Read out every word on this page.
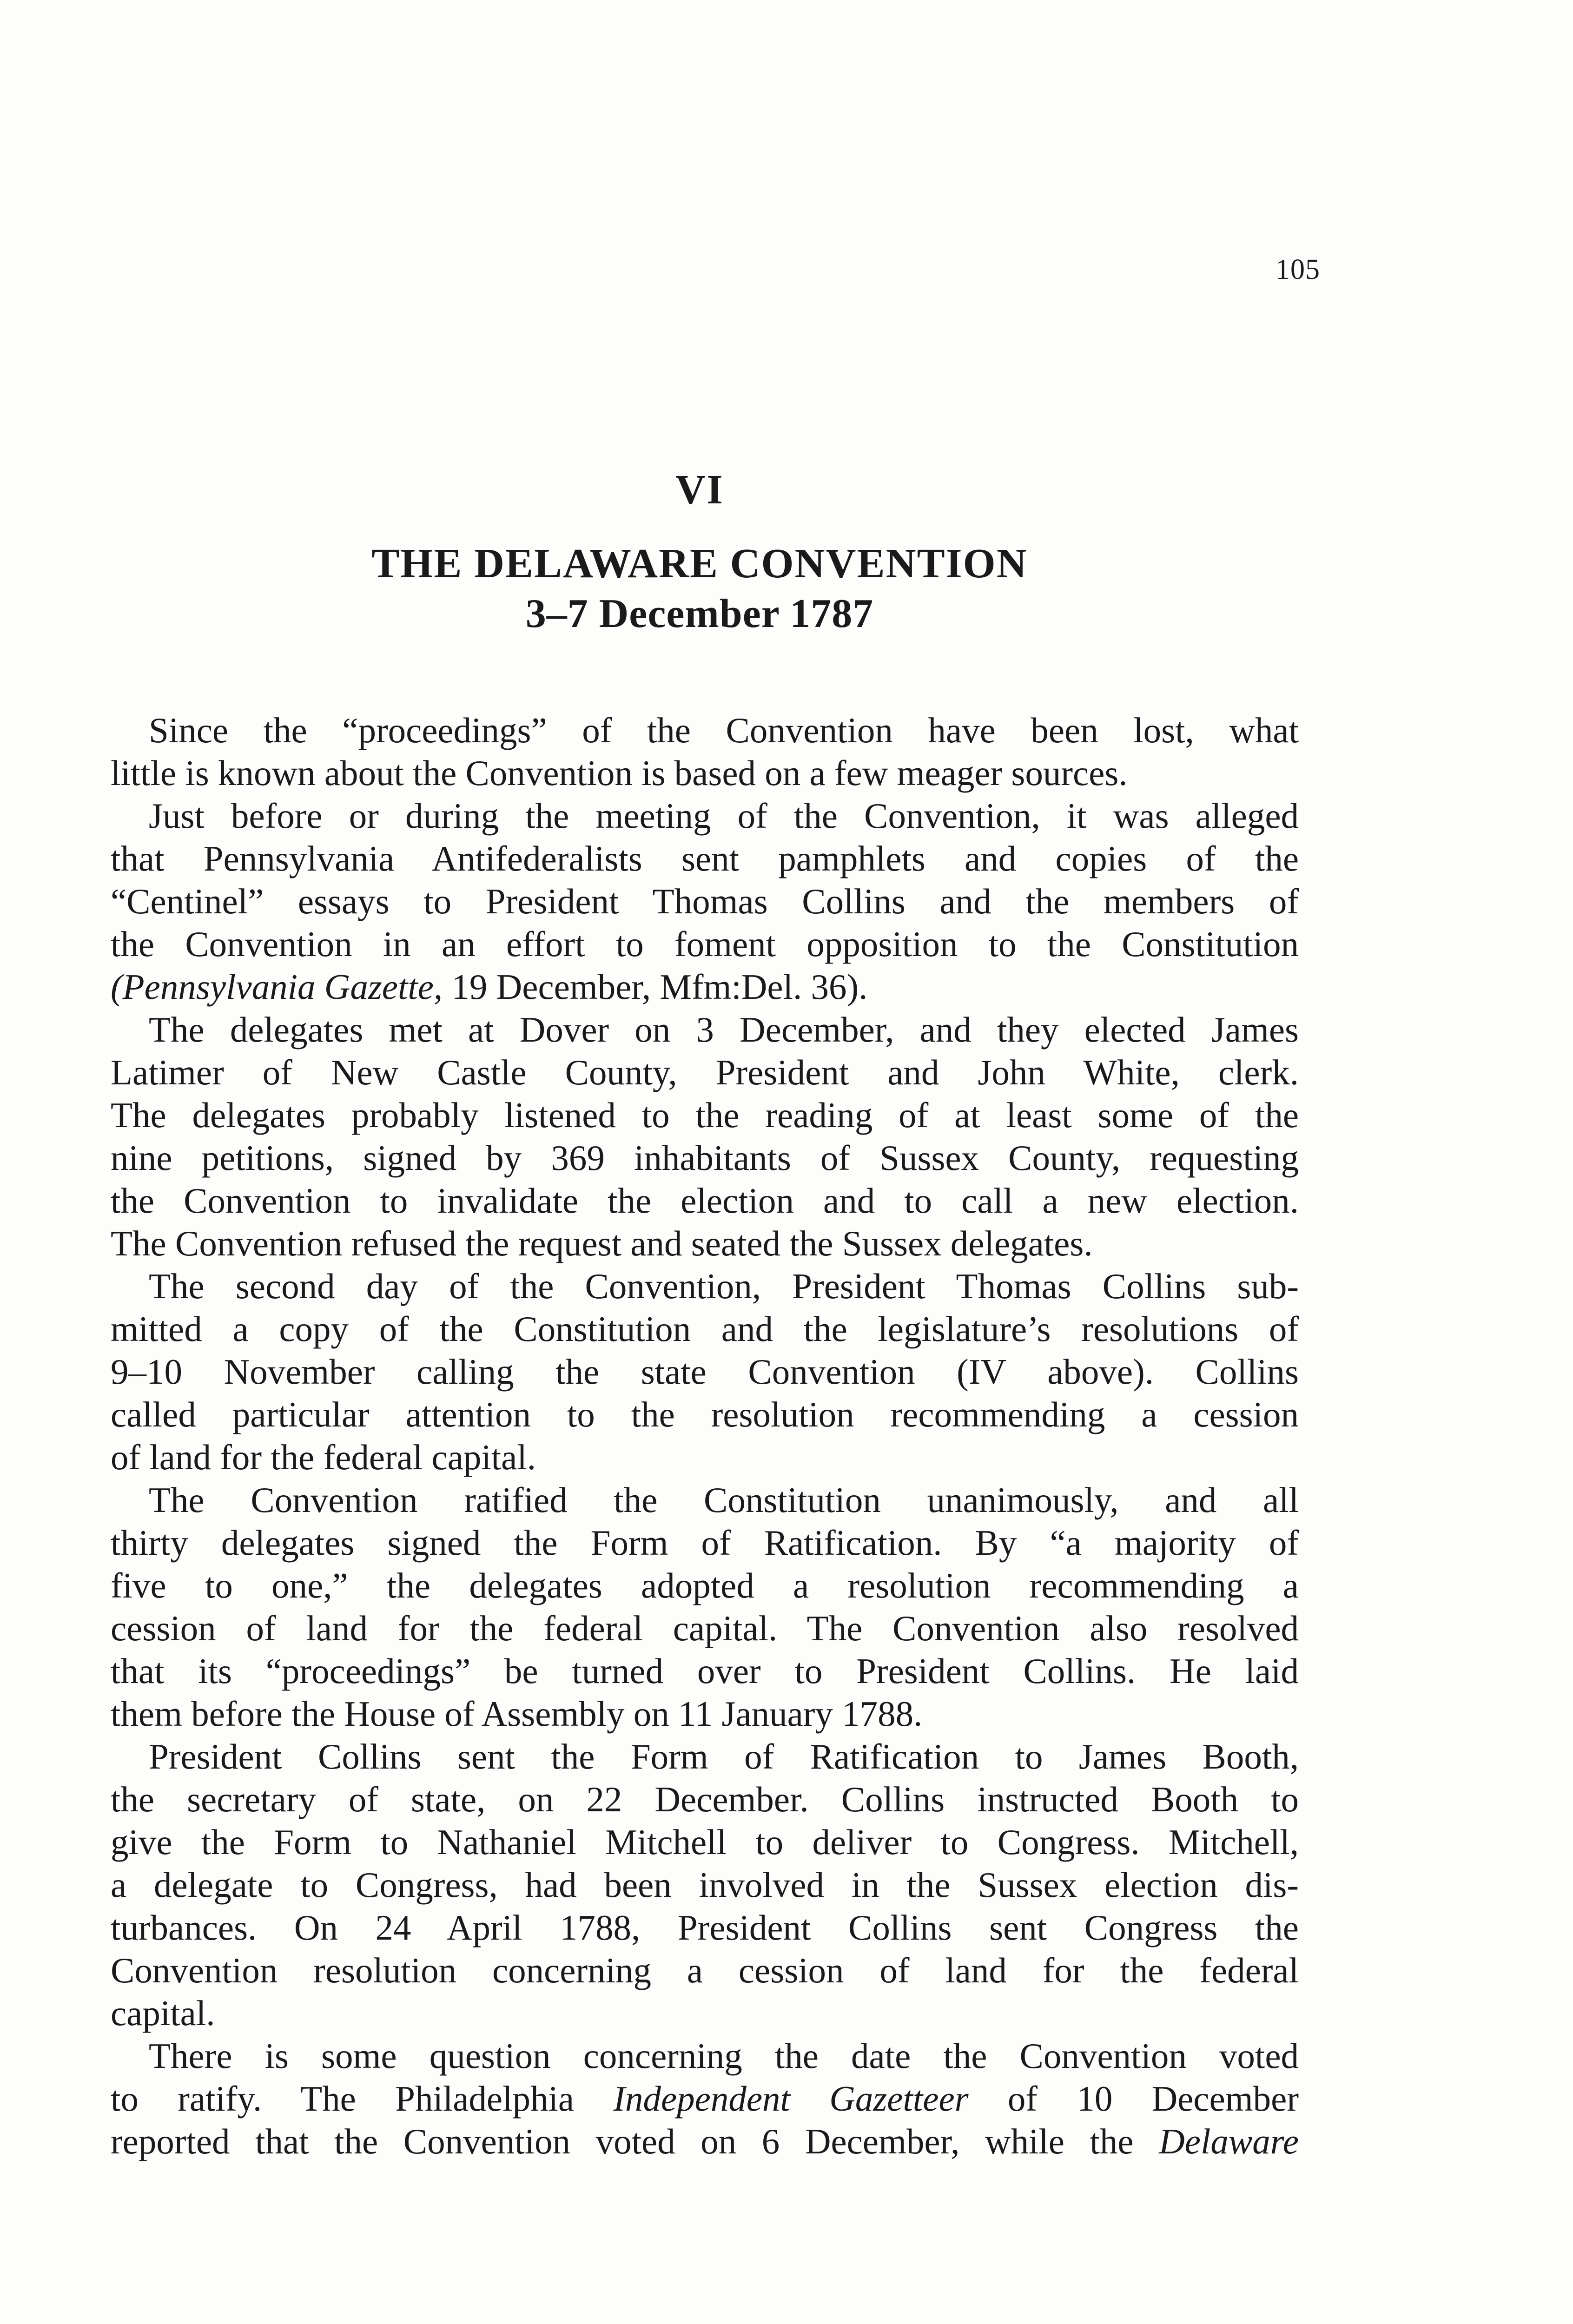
105
VI
THE DELAWARE CONVENTION
3–7 December 1787
Since the “proceedings” of the Convention have been lost, what
little is known about the Convention is based on a few meager sources.
Just before or during the meeting of the Convention, it was alleged
that Pennsylvania Antifederalists sent pamphlets and copies of the
“Centinel” essays to President Thomas Collins and the members of
the Convention in an effort to foment opposition to the Constitution
(Pennsylvania Gazette, 19 December, Mfm:Del. 36).
The delegates met at Dover on 3 December, and they elected James
Latimer of New Castle County, President and John White, clerk.
The delegates probably listened to the reading of at least some of the
nine petitions, signed by 369 inhabitants of Sussex County, requesting
the Convention to invalidate the election and to call a new election.
The Convention refused the request and seated the Sussex delegates.
The second day of the Convention, President Thomas Collins sub-
mitted a copy of the Constitution and the legislature’s resolutions of
9–10 November calling the state Convention (IV above). Collins
called particular attention to the resolution recommending a cession
of land for the federal capital.
The Convention ratified the Constitution unanimously, and all
thirty delegates signed the Form of Ratification. By “a majority of
five to one,” the delegates adopted a resolution recommending a
cession of land for the federal capital. The Convention also resolved
that its “proceedings” be turned over to President Collins. He laid
them before the House of Assembly on 11 January 1788.
President Collins sent the Form of Ratification to James Booth,
the secretary of state, on 22 December. Collins instructed Booth to
give the Form to Nathaniel Mitchell to deliver to Congress. Mitchell,
a delegate to Congress, had been involved in the Sussex election dis-
turbances. On 24 April 1788, President Collins sent Congress the
Convention resolution concerning a cession of land for the federal
capital.
There is some question concerning the date the Convention voted
to ratify. The Philadelphia Independent Gazetteer of 10 December
reported that the Convention voted on 6 December, while the Delaware
